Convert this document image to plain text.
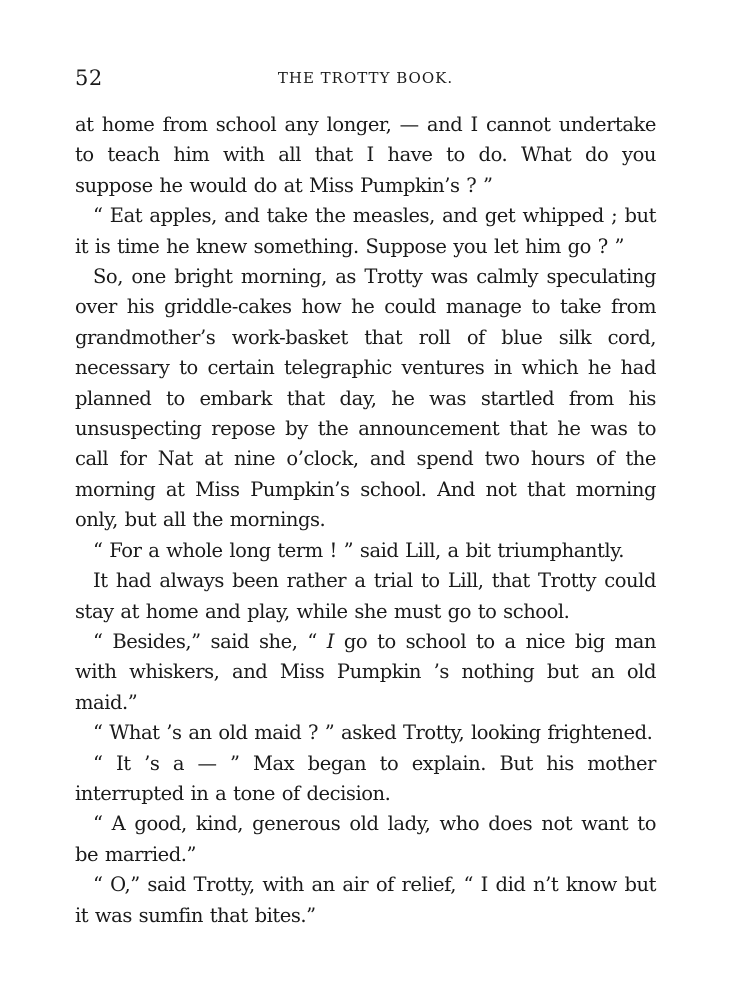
52	THE TROTTY BOOK.

at home from school any longer, — and I cannot undertake to teach him with all that I have to do. What do you suppose he would do at Miss Pumpkin’s ? ”

“ Eat apples, and take the measles, and get whipped ; but it is time he knew something. Suppose you let him go ? ”

So, one bright morning, as Trotty was calmly speculating over his griddle-cakes how he could manage to take from grandmother’s work-basket that roll of blue silk cord, necessary to certain telegraphic ventures in which he had planned to embark that day, he was startled from his unsuspecting repose by the announcement that he was to call for Nat at nine o’clock, and spend two hours of the morning at Miss Pumpkin’s school. And not that morning only, but all the mornings.

“ For a whole long term ! ” said Lill, a bit triumphantly.

It had always been rather a trial to Lill, that Trotty could stay at home and play, while she must go to school.

“ Besides,” said she, “ I go to school to a nice big man with whiskers, and Miss Pumpkin ’s nothing but an old maid.”

“ What ’s an old maid ? ” asked Trotty, looking frightened.

“ It ’s a — ” Max began to explain. But his mother interrupted in a tone of decision.

“ A good, kind, generous old lady, who does not want to be married.”

“ O,” said Trotty, with an air of relief, “ I did n’t know but it was sumfin that bites.”
